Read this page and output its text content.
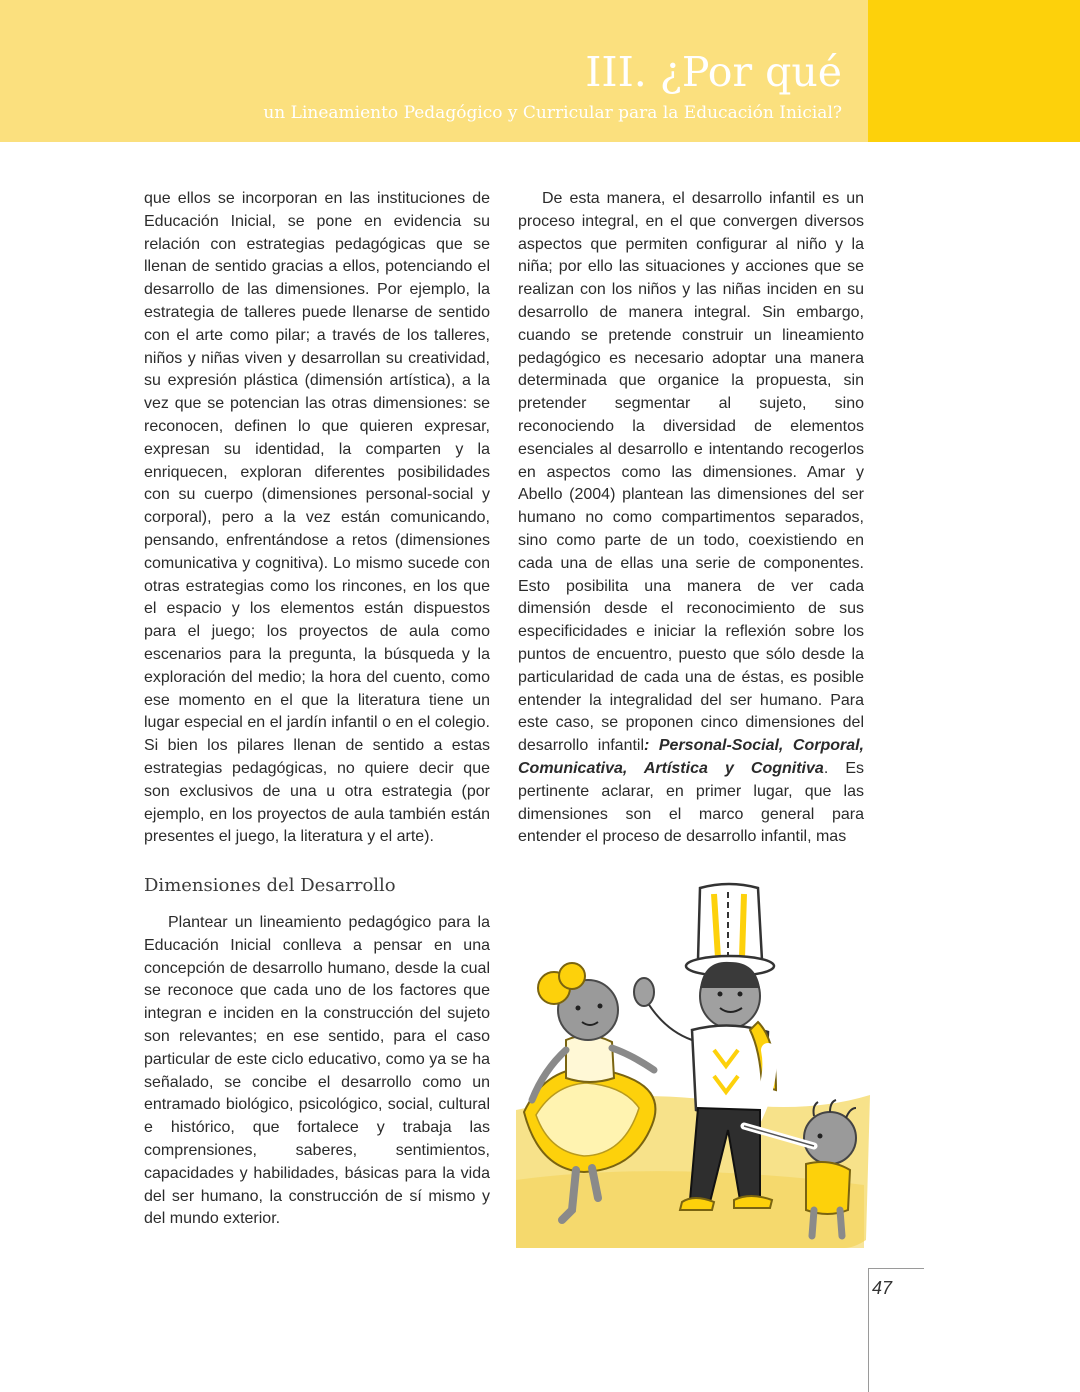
III. ¿Por qué

un Lineamiento Pedagógico y Curricular para la Educación Inicial?

que ellos se incorporan en las instituciones de Educación Inicial, se pone en evidencia su relación con estrategias pedagógicas que se llenan de sentido gracias a ellos, potenciando el desarrollo de las dimensiones. Por ejemplo, la estrategia de talleres puede llenarse de sentido con el arte como pilar; a través de los talleres, niños y niñas viven y desarrollan su creatividad, su expresión plástica (dimensión artística), a la vez que se potencian las otras dimensiones: se reconocen, definen lo que quieren expresar, expresan su identidad, la comparten y la enriquecen, exploran diferentes posibilidades con su cuerpo (dimensiones personal-social y corporal), pero a la vez están comunicando, pensando, enfrentándose a retos (dimensiones comunicativa y cognitiva). Lo mismo sucede con otras estrategias como los rincones, en los que el espacio y los elementos están dispuestos para el juego; los proyectos de aula como escenarios para la pregunta, la búsqueda y la exploración del medio; la hora del cuento, como ese momento en el que la literatura tiene un lugar especial en el jardín infantil o en el colegio. Si bien los pilares llenan de sentido a estas estrategias pedagógicas, no quiere decir que son exclusivos de una u otra estrategia (por ejemplo, en los proyectos de aula también están presentes el juego, la literatura y el arte).

De esta manera, el desarrollo infantil es un proceso integral, en el que convergen diversos aspectos que permiten configurar al niño y la niña; por ello las situaciones y acciones que se realizan con los niños y las niñas inciden en su desarrollo de manera integral. Sin embargo, cuando se pretende construir un lineamiento pedagógico es necesario adoptar una manera determinada que organice la propuesta, sin pretender segmentar al sujeto, sino reconociendo la diversidad de elementos esenciales al desarrollo e intentando recogerlos en aspectos como las dimensiones. Amar y Abello (2004) plantean las dimensiones del ser humano no como compartimentos separados, sino como parte de un todo, coexistiendo en cada una de ellas una serie de componentes. Esto posibilita una manera de ver cada dimensión desde el reconocimiento de sus especificidades e iniciar la reflexión sobre los puntos de encuentro, puesto que sólo desde la particularidad de cada una de éstas, es posible entender la integralidad del ser humano. Para este caso, se proponen cinco dimensiones del desarrollo infantil: Personal-Social, Corporal, Comunicativa, Artística y Cognitiva. Es pertinente aclarar, en primer lugar, que las dimensiones son el marco general para entender el proceso de desarrollo infantil, mas

Dimensiones del Desarrollo

Plantear un lineamiento pedagógico para la Educación Inicial conlleva a pensar en una concepción de desarrollo humano, desde la cual se reconoce que cada uno de los factores que integran e inciden en la construcción del sujeto son relevantes; en ese sentido, para el caso particular de este ciclo educativo, como ya se ha señalado, se concibe el desarrollo como un entramado biológico, psicológico, social, cultural e histórico, que fortalece y trabaja las comprensiones, saberes, sentimientos, capacidades y habilidades, básicas para la vida del ser humano, la construcción de sí mismo y del mundo exterior.

47
